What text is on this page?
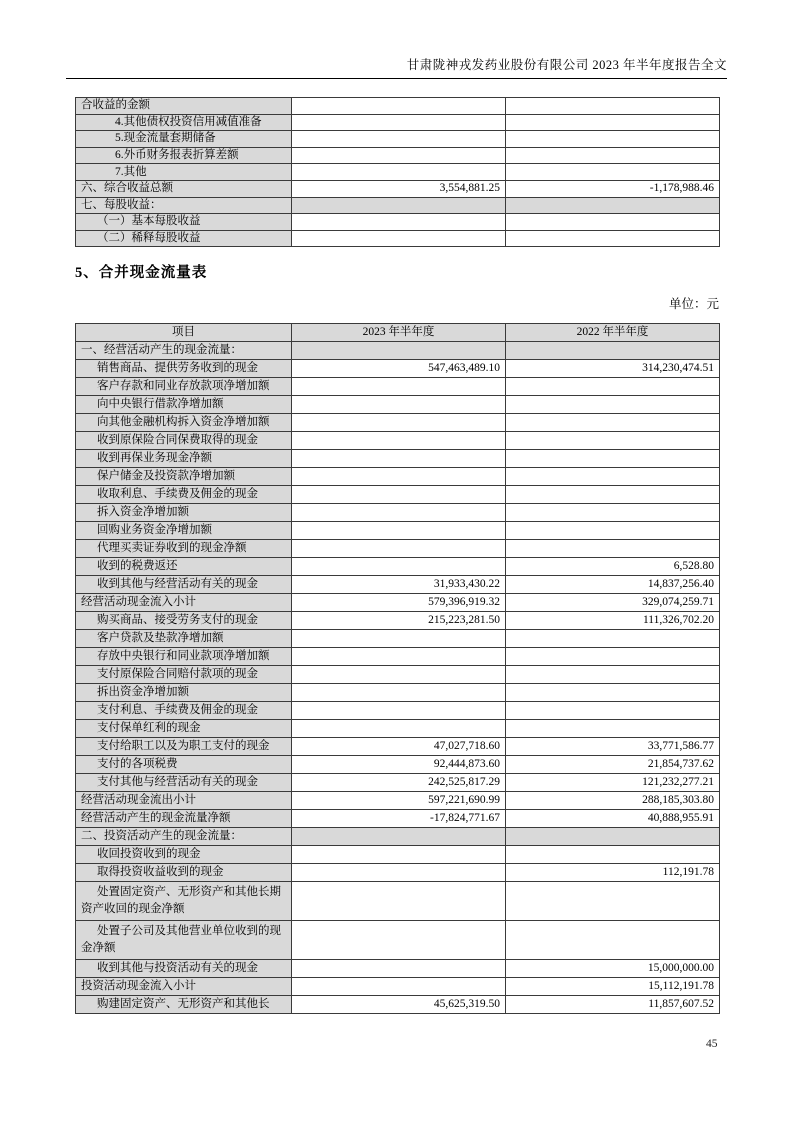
甘肃陇神戎发药业股份有限公司 2023 年半年度报告全文
合收益的金额		
4.其他债权投资信用减值准备		
5.现金流量套期储备		
6.外币财务报表折算差额		
7.其他		
六、综合收益总额	3,554,881.25	-1,178,988.46
七、每股收益：		
（一）基本每股收益		
（二）稀释每股收益		
5、合并现金流量表
单位：元
项目	2023 年半年度	2022 年半年度
一、经营活动产生的现金流量：		
销售商品、提供劳务收到的现金	547,463,489.10	314,230,474.51
客户存款和同业存放款项净增加额		
向中央银行借款净增加额		
向其他金融机构拆入资金净增加额		
收到原保险合同保费取得的现金		
收到再保业务现金净额		
保户储金及投资款净增加额		
收取利息、手续费及佣金的现金		
拆入资金净增加额		
回购业务资金净增加额		
代理买卖证券收到的现金净额		
收到的税费返还		6,528.80
收到其他与经营活动有关的现金	31,933,430.22	14,837,256.40
经营活动现金流入小计	579,396,919.32	329,074,259.71
购买商品、接受劳务支付的现金	215,223,281.50	111,326,702.20
客户贷款及垫款净增加额		
存放中央银行和同业款项净增加额		
支付原保险合同赔付款项的现金		
拆出资金净增加额		
支付利息、手续费及佣金的现金		
支付保单红利的现金		
支付给职工以及为职工支付的现金	47,027,718.60	33,771,586.77
支付的各项税费	92,444,873.60	21,854,737.62
支付其他与经营活动有关的现金	242,525,817.29	121,232,277.21
经营活动现金流出小计	597,221,690.99	288,185,303.80
经营活动产生的现金流量净额	-17,824,771.67	40,888,955.91
二、投资活动产生的现金流量：		
收回投资收到的现金		
取得投资收益收到的现金		112,191.78
处置固定资产、无形资产和其他长期资产收回的现金净额		
处置子公司及其他营业单位收到的现金净额		
收到其他与投资活动有关的现金		15,000,000.00
投资活动现金流入小计		15,112,191.78
购建固定资产、无形资产和其他长	45,625,319.50	11,857,607.52
45
